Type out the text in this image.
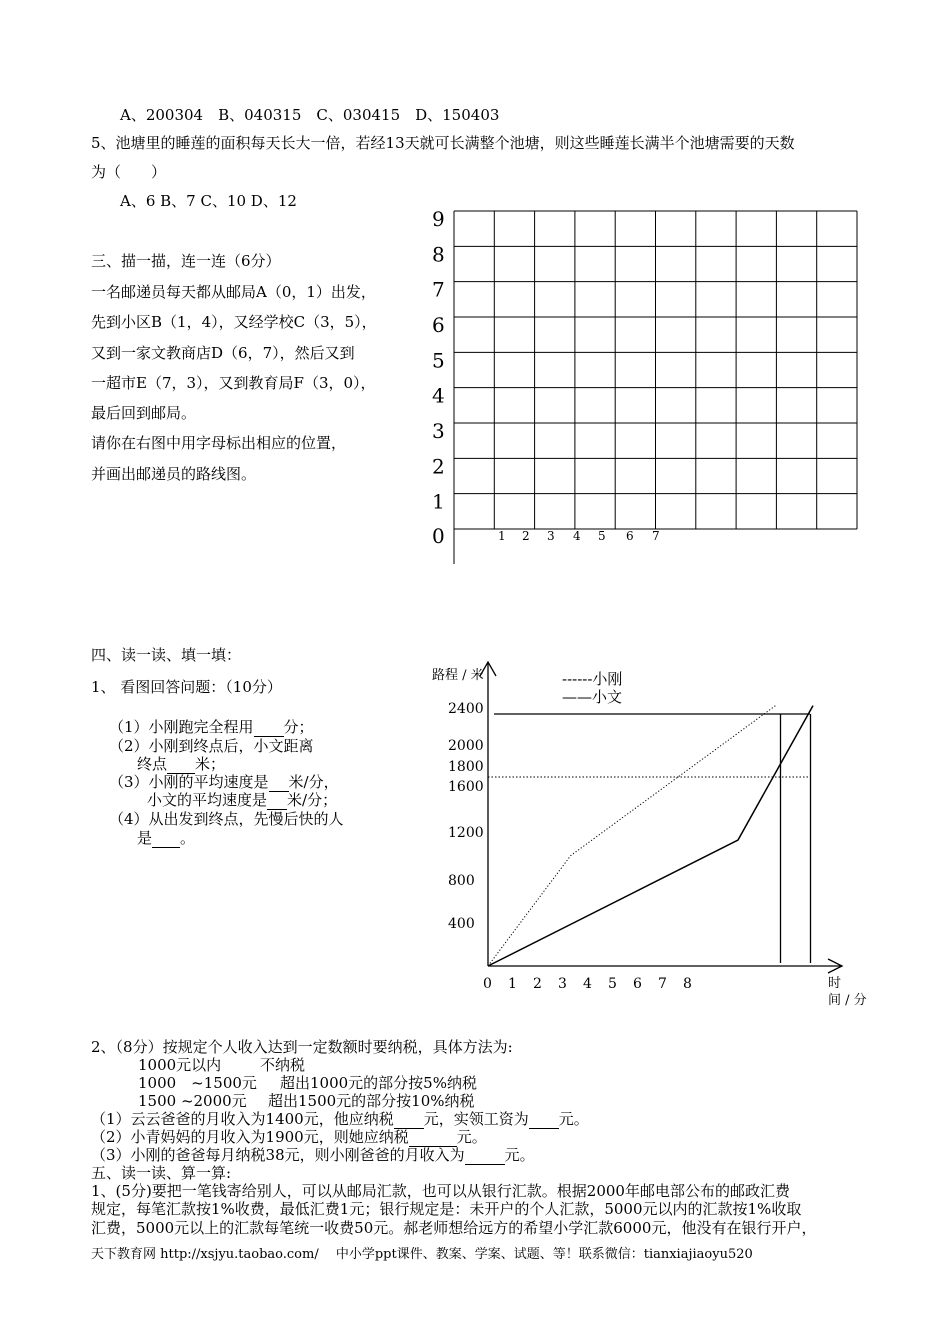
A、200304　B、040315　C、030415　D、150403
5、池塘里的睡莲的面积每天长大一倍，若经13天就可长满整个池塘，则这些睡莲长满半个池塘需要的天数
为（　　）
A、6 B、7 C、10 D、12
三、描一描，连一连（6分）
一名邮递员每天都从邮局A（0，1）出发，
先到小区B（1，4），又经学校C（3，5），
又到一家文教商店D（6，7），然后又到
一超市E（7，3），又到教育局F（3，0），
最后回到邮局。
请你在右图中用字母标出相应的位置，
并画出邮递员的路线图。
9
8
7
6
5
4
3
2
1
0	1 2 3 4 5 6 7
四、读一读、填一填：
1、 看图回答问题：（10分）
（1）小刚跑完全程用 分；
（2）小刚到终点后，小文距离
终点 米；
（3）小刚的平均速度是 米/分，
小文的平均速度是 米/分；
（4）从出发到终点，先慢后快的人
是 。
2400
2000
1800
1600
1200
800
400
0 1 2 3 4 5 6 7 8
路程 / 米
时间 / 分
------小刚
——小文
2、（8分）按规定个人收入达到一定数额时要纳税，具体方法为:
1000元以内	不纳税
1000　~1500元 超出1000元的部分按5%纳税
1500 ~2000元 超出1500元的部分按10%纳税
（1）云云爸爸的月收入为1400元，他应纳税 元，实领工资为 元。
（2）小青妈妈的月收入为1900元，则她应纳税	元。
（3）小刚的爸爸每月纳税38元，则小刚爸爸的月收入为	元。
五、读一读、算一算:
1、(5分)要把一笔钱寄给别人，可以从邮局汇款，也可以从银行汇款。根据2000年邮电部公布的邮政汇费
规定，每笔汇款按1%收费，最低汇费1元；银行规定是：未开户的个人汇款，5000元以内的汇款按1%收取
汇费，5000元以上的汇款每笔统一收费50元。郝老师想给远方的希望小学汇款6000元，他没有在银行开户，
天下教育网 http://xsjyu.taobao.com/　 中小学ppt课件、教案、学案、试题、等！联系微信：tianxiajiaoyu520
